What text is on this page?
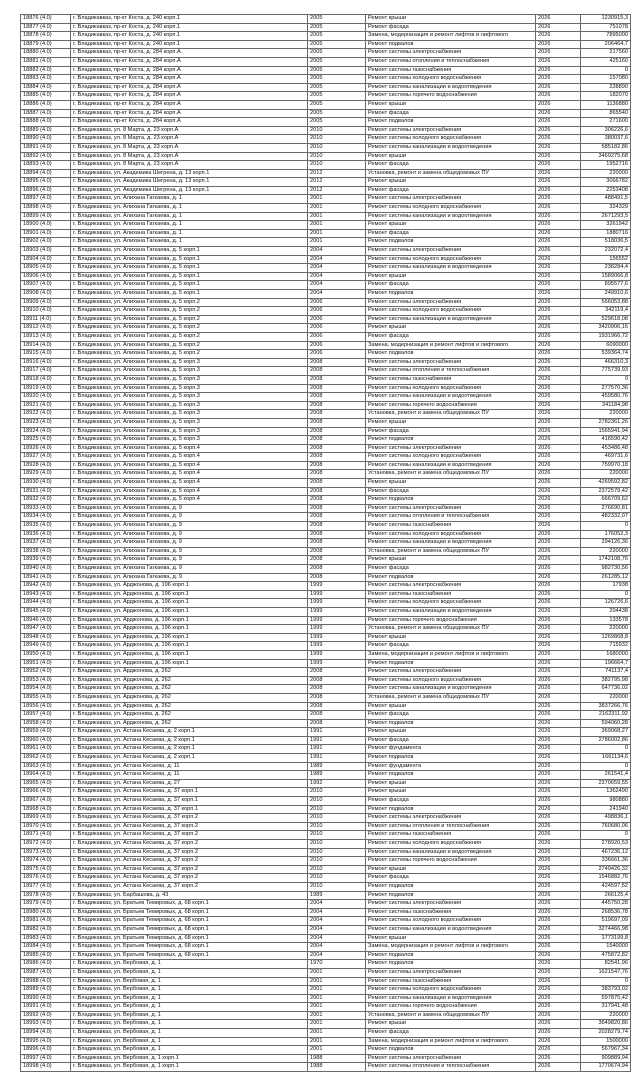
18876 (4.0)	г. Владикавказ, пр-кт Коста, д. 240 корп.1	2005	Ремонт крыши	2026	1230915,3
18877 (4.0)	г. Владикавказ, пр-кт Коста, д. 240 корп.1	2005	Ремонт фасада	2026	751078
18878 (4.0)	г. Владикавказ, пр-кт Коста, д. 240 корп.1	2005	Замена, модернизация и ремонт лифтов и лифтового	2026	7895000
18879 (4.0)	г. Владикавказ, пр-кт Коста, д. 240 корп.1	2005	Ремонт подвалов	2026	206464,7
18880 (4.0)	г. Владикавказ, пр-кт Коста, д. 284 корп.А	2005	Ремонт системы электроснабжения	2026	217560
18881 (4.0)	г. Владикавказ, пр-кт Коста, д. 284 корп.А	2005	Ремонт системы отопления и теплоснабжения	2026	425160
18882 (4.0)	г. Владикавказ, пр-кт Коста, д. 284 корп.А	2005	Ремонт системы газоснабжения	2026	0
18883 (4.0)	г. Владикавказ, пр-кт Коста, д. 284 корп.А	2005	Ремонт системы холодного водоснабжения	2026	157080
18884 (4.0)	г. Владикавказ, пр-кт Коста, д. 284 корп.А	2005	Ремонт системы канализации и водоотведения	2026	228890
18885 (4.0)	г. Владикавказ, пр-кт Коста, д. 284 корп.А	2005	Ремонт системы горячего водоснабжения	2026	182070
18886 (4.0)	г. Владикавказ, пр-кт Коста, д. 284 корп.А	2005	Ремонт крыши	2026	1136880
18887 (4.0)	г. Владикавказ, пр-кт Коста, д. 284 корп.А	2005	Ремонт фасада	2026	865540
18888 (4.0)	г. Владикавказ, пр-кт Коста, д. 284 корп.А	2005	Ремонт подвалов	2026	271600
18889 (4.0)	г. Владикавказ, ул. 8 Марта, д. 23 корп.А	2010	Ремонт системы электроснабжения	2026	306226,6
18890 (4.0)	г. Владикавказ, ул. 8 Марта, д. 23 корп.А	2010	Ремонт системы холодного водоснабжения	2026	380037,6
18891 (4.0)	г. Владикавказ, ул. 8 Марта, д. 23 корп.А	2010	Ремонт системы канализации и водоотведения	2026	585182,86
18892 (4.0)	г. Владикавказ, ул. 8 Марта, д. 23 корп.А	2010	Ремонт крыши	2026	3469275,68
18893 (4.0)	г. Владикавказ, ул. 8 Марта, д. 23 корп.А	2010	Ремонт фасада	2026	1952716
18894 (4.0)	г. Владикавказ, ул. Академика Шегрена, д. 13 корп.1	2012	Установка, ремонт и замена общедомовых ПУ	2026	220000
18895 (4.0)	г. Владикавказ, ул. Академика Шегрена, д. 13 корп.1	2012	Ремонт крыши	2026	3066782
18896 (4.0)	г. Владикавказ, ул. Академика Шегрена, д. 13 корп.1	2012	Ремонт фасада	2026	2253408
18897 (4.0)	г. Владикавказ, ул. Алихана Гагкаева, д. 1	2001	Ремонт системы электроснабжения	2026	488491,5
18898 (4.0)	г. Владикавказ, ул. Алихана Гагкаева, д. 1	2001	Ремонт системы холодного водоснабжения	2026	324329
18899 (4.0)	г. Владикавказ, ул. Алихана Гагкаева, д. 1	2001	Ремонт системы канализации и водоотведения	2026	2671293,5
18900 (4.0)	г. Владикавказ, ул. Алихана Гагкаева, д. 1	2001	Ремонт крыши	2026	3261942
18901 (4.0)	г. Владикавказ, ул. Алихана Гагкаева, д. 1	2001	Ремонт фасада	2026	1880716
18902 (4.0)	г. Владикавказ, ул. Алихана Гагкаева, д. 1	2001	Ремонт подвалов	2026	518036,5
18903 (4.0)	г. Владикавказ, ул. Алихана Гагкаева, д. 5 корп.1	2004	Ремонт системы электроснабжения	2026	232072,4
18904 (4.0)	г. Владикавказ, ул. Алихана Гагкаева, д. 5 корп.1	2004	Ремонт системы холодного водоснабжения	2026	156552
18905 (4.0)	г. Владикавказ, ул. Алихана Гагкаева, д. 5 корп.1	2004	Ремонт системы канализации и водоотведения	2026	238284,4
18906 (4.0)	г. Владикавказ, ул. Алихана Гагкаева, д. 5 корп.1	2004	Ремонт крыши	2026	1589066,8
18907 (4.0)	г. Владикавказ, ул. Алихана Гагкаева, д. 5 корп.1	2004	Ремонт фасада	2026	895577,6
18908 (4.0)	г. Владикавказ, ул. Алихана Гагкаева, д. 5 корп.1	2004	Ремонт подвалов	2026	249910,6
18909 (4.0)	г. Владикавказ, ул. Алихана Гагкаева, д. 5 корп.2	2006	Ремонт системы электроснабжения	2026	566053,88
18910 (4.0)	г. Владикавказ, ул. Алихана Гагкаева, д. 5 корп.2	2006	Ремонт системы холодного водоснабжения	2026	342119,4
18911 (4.0)	г. Владикавказ, ул. Алихана Гагкаева, д. 5 корп.2	2006	Ремонт системы канализации и водоотведения	2026	529618,08
18912 (4.0)	г. Владикавказ, ул. Алихана Гагкаева, д. 5 корп.2	2006	Ремонт крыши	2026	3420906,16
18913 (4.0)	г. Владикавказ, ул. Алихана Гагкаева, д. 5 корп.2	2006	Ремонт фасада	2026	1931966,72
18914 (4.0)	г. Владикавказ, ул. Алихана Гагкаева, д. 5 корп.2	2006	Замена, модернизация и ремонт лифтов и лифтового	2026	6090000
18915 (4.0)	г. Владикавказ, ул. Алихана Гагкаева, д. 5 корп.2	2006	Ремонт подвалов	2026	539364,74
18916 (4.0)	г. Владикавказ, ул. Алихана Гагкаева, д. 5 корп.3	2008	Ремонт системы электроснабжения	2026	466310,3
18917 (4.0)	г. Владикавказ, ул. Алихана Гагкаева, д. 5 корп.3	2008	Ремонт системы отопления и теплоснабжения	2026	775739,93
18918 (4.0)	г. Владикавказ, ул. Алихана Гагкаева, д. 5 корп.3	2008	Ремонт системы газоснабжения	2026	0
18919 (4.0)	г. Владикавказ, ул. Алихана Гагкаева, д. 5 корп.3	2008	Ремонт системы холодного водоснабжения	2026	277570,36
18920 (4.0)	г. Владикавказ, ул. Алихана Гагкаева, д. 5 корп.3	2008	Ремонт системы канализации и водоотведения	2026	459580,76
18921 (4.0)	г. Владикавказ, ул. Алихана Гагкаева, д. 5 корп.3	2008	Ремонт системы горячего водоснабжения	2026	341184,98
18922 (4.0)	г. Владикавказ, ул. Алихана Гагкаева, д. 5 корп.3	2008	Установка, ремонт и замена общедомовых ПУ	2026	220000
18923 (4.0)	г. Владикавказ, ул. Алихана Гагкаева, д. 5 корп.3	2008	Ремонт крыши	2026	2782361,26
18924 (4.0)	г. Владикавказ, ул. Алихана Гагкаева, д. 5 корп.3	2008	Ремонт фасада	2026	1565941,94
18925 (4.0)	г. Владикавказ, ул. Алихана Гагкаева, д. 5 корп.3	2008	Ремонт подвалов	2026	416590,42
18926 (4.0)	г. Владикавказ, ул. Алихана Гагкаева, д. 5 корп.4	2008	Ремонт системы электроснабжения	2026	453486,48
18927 (4.0)	г. Владикавказ, ул. Алихана Гагкаева, д. 5 корп.4	2008	Ремонт системы холодного водоснабжения	2026	469731,6
18928 (4.0)	г. Владикавказ, ул. Алихана Гагкаева, д. 5 корп.4	2008	Ремонт системы канализации и водоотведения	2026	759970,18
18929 (4.0)	г. Владикавказ, ул. Алихана Гагкаева, д. 5 корп.4	2008	Установка, ремонт и замена общедомовых ПУ	2026	220000
18930 (4.0)	г. Владикавказ, ул. Алихана Гагкаева, д. 5 корп.4	2008	Ремонт крыши	2026	4269592,82
18931 (4.0)	г. Владикавказ, ул. Алихана Гагкаева, д. 5 корп.4	2008	Ремонт фасада	2026	2372579,42
18932 (4.0)	г. Владикавказ, ул. Алихана Гагкаева, д. 5 корп.4	2008	Ремонт подвалов	2026	666709,62
18933 (4.0)	г. Владикавказ, ул. Алихана Гагкаева, д. 9	2008	Ремонт системы электроснабжения	2026	276690,81
18934 (4.0)	г. Владикавказ, ул. Алихана Гагкаева, д. 9	2008	Ремонт системы отопления и теплоснабжения	2026	482332,07
18935 (4.0)	г. Владикавказ, ул. Алихана Гагкаева, д. 9	2008	Ремонт системы газоснабжения	2026	0
18936 (4.0)	г. Владикавказ, ул. Алихана Гагкаева, д. 9	2008	Ремонт системы холодного водоснабжения	2026	176052,3
18937 (4.0)	г. Владикавказ, ул. Алихана Гагкаева, д. 9	2008	Ремонт системы канализации и водоотведения	2026	294126,36
18938 (4.0)	г. Владикавказ, ул. Алихана Гагкаева, д. 9	2008	Установка, ремонт и замена общедомовых ПУ	2026	220000
18939 (4.0)	г. Владикавказ, ул. Алихана Гагкаева, д. 9	2008	Ремонт крыши	2026	1742108,76
18940 (4.0)	г. Владикавказ, ул. Алихана Гагкаева, д. 9	2008	Ремонт фасада	2026	982730,56
18941 (4.0)	г. Владикавказ, ул. Алихана Гагкаева, д. 9	2008	Ремонт подвалов	2026	261285,12
18942 (4.0)	г. Владикавказ, ул. Арджонова, д. 196 корп.1	1999	Ремонт системы электроснабжения	2026	17938
18943 (4.0)	г. Владикавказ, ул. Арджонова, д. 196 корп.1	1999	Ремонт системы газоснабжения	2026	0
18944 (4.0)	г. Владикавказ, ул. Арджонова, д. 196 корп.1	1999	Ремонт системы холодного водоснабжения	2026	126726,6
18945 (4.0)	г. Владикавказ, ул. Арджонова, д. 196 корп.1	1999	Ремонт системы канализации и водоотведения	2026	204438
18946 (4.0)	г. Владикавказ, ул. Арджонова, д. 196 корп.1	1999	Ремонт системы горячего водоснабжения	2026	133578
18947 (4.0)	г. Владикавказ, ул. Арджонова, д. 196 корп.1	1999	Установка, ремонт и замена общедомовых ПУ	2026	220000
18948 (4.0)	г. Владикавказ, ул. Арджонова, д. 196 корп.1	1999	Ремонт крыши	2026	1269868,8
18949 (4.0)	г. Владикавказ, ул. Арджонова, д. 196 корп.1	1999	Ремонт фасада	2026	715932
18950 (4.0)	г. Владикавказ, ул. Арджонова, д. 196 корп.1	1999	Замена, модернизация и ремонт лифтов и лифтового	2026	1680000
18951 (4.0)	г. Владикавказ, ул. Арджонова, д. 196 корп.1	1999	Ремонт подвалов	2026	196664,7
18952 (4.0)	г. Владикавказ, ул. Арджонова, д. 262	2008	Ремонт системы электроснабжения	2026	741137,4
18953 (4.0)	г. Владикавказ, ул. Арджонова, д. 262	2008	Ремонт системы холодного водоснабжения	2026	382795,98
18954 (4.0)	г. Владикавказ, ул. Арджонова, д. 262	2008	Ремонт системы канализации и водоотведения	2026	647736,02
18955 (4.0)	г. Владикавказ, ул. Арджонова, д. 262	2008	Установка, ремонт и замена общедомовых ПУ	2026	220000
18956 (4.0)	г. Владикавказ, ул. Арджонова, д. 262	2008	Ремонт крыши	2026	3837266,76
18957 (4.0)	г. Владикавказ, ул. Арджонова, д. 262	2008	Ремонт фасада	2026	2162311,92
18958 (4.0)	г. Владикавказ, ул. Арджонова, д. 262	2008	Ремонт подвалов	2026	594060,28
18959 (4.0)	г. Владикавказ, ул. Астана Кесаева, д. 2 корп.1	1991	Ремонт крыши	2026	369068,27
18960 (4.0)	г. Владикавказ, ул. Астана Кесаева, д. 2 корп.1	1991	Ремонт фасада	2026	2786002,86
18961 (4.0)	г. Владикавказ, ул. Астана Кесаева, д. 2 корп.1	1991	Ремонт фундамента	2026	0
18962 (4.0)	г. Владикавказ, ул. Астана Кесаева, д. 2 корп.1	1991	Ремонт подвалов	2026	1661134,6
18963 (4.0)	г. Владикавказ, ул. Астана Кесаева, д. 11	1989	Ремонт фундамента	2026	0
18964 (4.0)	г. Владикавказ, ул. Астана Кесаева, д. 11	1989	Ремонт подвалов	2026	261541,4
18965 (4.0)	г. Владикавказ, ул. Астана Кесаева, д. 27	1992	Ремонт крыши	2026	2370659,55
18966 (4.0)	г. Владикавказ, ул. Астана Кесаева, д. 37 корп.1	2010	Ремонт крыши	2026	1362490
18967 (4.0)	г. Владикавказ, ул. Астана Кесаева, д. 37 корп.1	2010	Ремонт фасада	2026	980880
18968 (4.0)	г. Владикавказ, ул. Астана Кесаева, д. 37 корп.1	2010	Ремонт подвалов	2026	241940
18969 (4.0)	г. Владикавказ, ул. Астана Кесаева, д. 37 корп.2	2010	Ремонт системы электроснабжения	2026	498836,1
18970 (4.0)	г. Владикавказ, ул. Астана Кесаева, д. 37 корп.2	2010	Ремонт системы отопления и теплоснабжения	2026	760680,06
18971 (4.0)	г. Владикавказ, ул. Астана Кесаева, д. 37 корп.2	2010	Ремонт системы газоснабжения	2026	0
18972 (4.0)	г. Владикавказ, ул. Астана Кесаева, д. 37 корп.2	2010	Ремонт системы холодного водоснабжения	2026	278920,53
18973 (4.0)	г. Владикавказ, ул. Астана Кесаева, д. 37 корп.2	2010	Ремонт системы канализации и водоотведения	2026	467236,12
18974 (4.0)	г. Владикавказ, ул. Астана Кесаева, д. 37 корп.2	2010	Ремонт системы горячего водоснабжения	2026	336661,36
18975 (4.0)	г. Владикавказ, ул. Астана Кесаева, д. 37 корп.2	2010	Ремонт крыши	2026	2749426,32
18976 (4.0)	г. Владикавказ, ул. Астана Кесаева, д. 37 корп.2	2010	Ремонт фасада	2026	1546882,76
18977 (4.0)	г. Владикавказ, ул. Астана Кесаева, д. 37 корп.2	2010	Ремонт подвалов	2026	424597,52
18978 (4.0)	г. Владикавказ, ул. Барбашова, д. 43	1989	Ремонт подвалов	2026	266125,4
18979 (4.0)	г. Владикавказ, ул. Братьев Темировых, д. 68 корп.1	2004	Ремонт системы электроснабжения	2026	445750,28
18980 (4.0)	г. Владикавказ, ул. Братьев Темировых, д. 68 корп.1	2004	Ремонт системы газоснабжения	2026	268536,78
18981 (4.0)	г. Владикавказ, ул. Братьев Темировых, д. 68 корп.1	2004	Ремонт системы холодного водоснабжения	2026	519697,09
18982 (4.0)	г. Владикавказ, ул. Братьев Темировых, д. 68 корп.1	2004	Ремонт системы канализации и водоотведения	2026	3274466,98
18983 (4.0)	г. Владикавказ, ул. Братьев Темировых, д. 68 корп.1	2004	Ремонт крыши	2026	1773199,8
18984 (4.0)	г. Владикавказ, ул. Братьев Темировых, д. 68 корп.1	2004	Замена, модернизация и ремонт лифтов и лифтового	2026	1540000
18985 (4.0)	г. Владикавказ, ул. Братьев Темировых, д. 68 корп.1	2004	Ремонт подвалов	2026	475872,82
18986 (4.0)	г. Владикавказ, ул. Вербовая, д. 1	1970	Ремонт подвалов	2026	82541,96
18987 (4.0)	г. Владикавказ, ул. Вербовая, д. 1	2001	Ремонт системы электроснабжения	2026	1621547,76
18988 (4.0)	г. Владикавказ, ул. Вербовая, д. 1	2001	Ремонт системы газоснабжения	2026	0
18989 (4.0)	г. Владикавказ, ул. Вербовая, д. 1	2001	Ремонт системы холодного водоснабжения	2026	383793,02
18990 (4.0)	г. Владикавказ, ул. Вербовая, д. 1	2001	Ремонт системы канализации и водоотведения	2026	597875,42
18991 (4.0)	г. Владикавказ, ул. Вербовая, д. 1	2001	Ремонт системы горячего водоснабжения	2026	317941,48
18992 (4.0)	г. Владикавказ, ул. Вербовая, д. 1	2001	Установка, ремонт и замена общедомовых ПУ	2026	220000
18993 (4.0)	г. Владикавказ, ул. Вербовая, д. 1	2001	Ремонт крыши	2026	3649820,86
18994 (4.0)	г. Владикавказ, ул. Вербовая, д. 1	2001	Ремонт фасада	2026	2028279,74
18995 (4.0)	г. Владикавказ, ул. Вербовая, д. 1	2001	Замена, модернизация и ремонт лифтов и лифтового	2026	1500000
18996 (4.0)	г. Владикавказ, ул. Вербовая, д. 1	2001	Ремонт подвалов	2026	567967,34
18997 (4.0)	г. Владикавказ, ул. Вербовая, д. 1 корп.1	1988	Ремонт системы электроснабжения	2026	909889,94
18998 (4.0)	г. Владикавказ, ул. Вербовая, д. 1 корп.1	1988	Ремонт системы отопления и теплоснабжения	2026	1770674,94
